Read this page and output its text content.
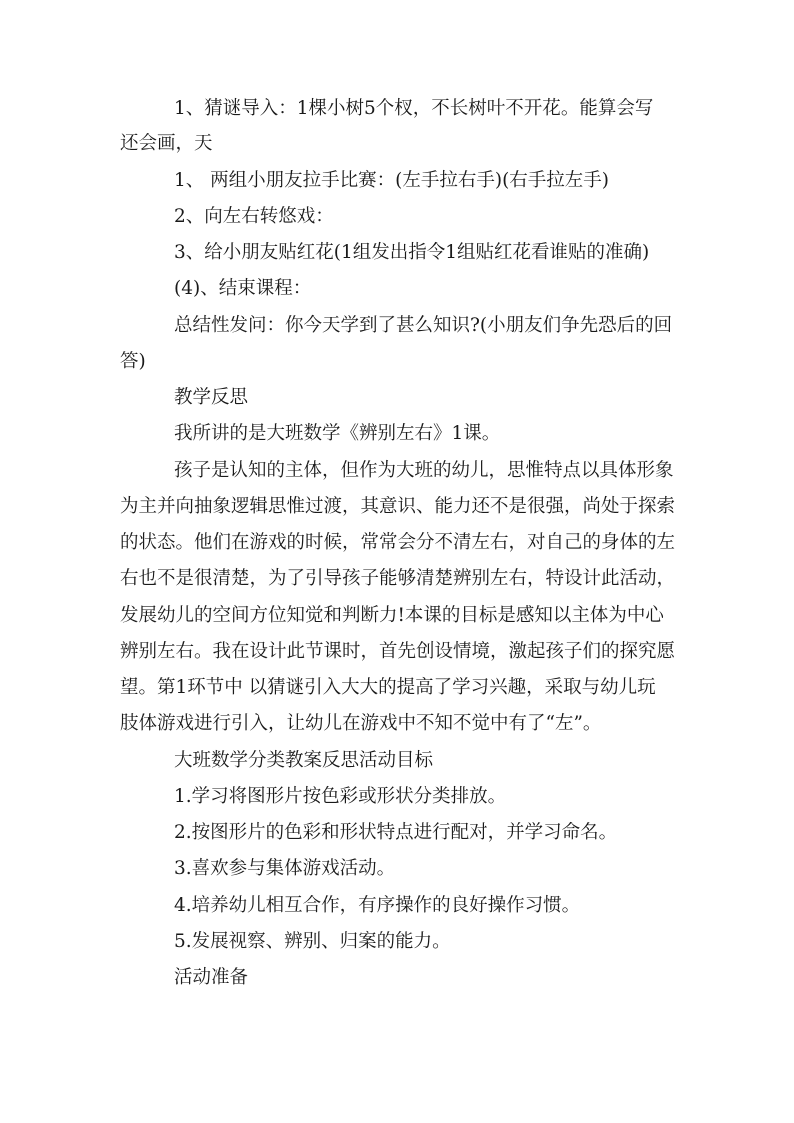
1、猜谜导入：1棵小树5个杈，不长树叶不开花。能算会写
还会画，天
1、 两组小朋友拉手比赛：(左手拉右手)(右手拉左手)
2、向左右转悠戏：
3、给小朋友贴红花(1组发出指令1组贴红花看谁贴的准确)
(4)、结束课程：
总结性发问：你今天学到了甚么知识?(小朋友们争先恐后的回
答)
教学反思
我所讲的是大班数学《辨别左右》1课。
孩子是认知的主体，但作为大班的幼儿，思惟特点以具体形象
为主并向抽象逻辑思惟过渡，其意识、能力还不是很强，尚处于探索
的状态。他们在游戏的时候，常常会分不清左右，对自己的身体的左
右也不是很清楚，为了引导孩子能够清楚辨别左右，特设计此活动，
发展幼儿的空间方位知觉和判断力!本课的目标是感知以主体为中心
辨别左右。我在设计此节课时，首先创设情境，激起孩子们的探究愿
望。第1环节中 以猜谜引入大大的提高了学习兴趣，采取与幼儿玩
肢体游戏进行引入，让幼儿在游戏中不知不觉中有了“左”。
大班数学分类教案反思活动目标
1.学习将图形片按色彩或形状分类排放。
2.按图形片的色彩和形状特点进行配对，并学习命名。
3.喜欢参与集体游戏活动。
4.培养幼儿相互合作，有序操作的良好操作习惯。
5.发展视察、辨别、归案的能力。
活动准备
